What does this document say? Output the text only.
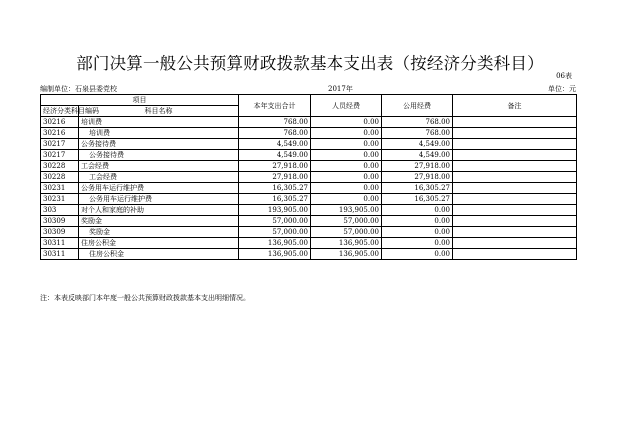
部门决算一般公共预算财政拨款基本支出表（按经济分类科目）
06表
编制单位：石泉县委党校	2017年	单位：元
项目		本年支出合计	人员经费	公用经费	备注
经济分类科目编码	科目名称				

30216	培训费	768.00	0.00	768.00	
30216	培训费	768.00	0.00	768.00	
30217	公务接待费	4,549.00	0.00	4,549.00	
30217	公务接待费	4,549.00	0.00	4,549.00	
30228	工会经费	27,918.00	0.00	27,918.00	
30228	工会经费	27,918.00	0.00	27,918.00	
30231	公务用车运行维护费	16,305.27	0.00	16,305.27	
30231	公务用车运行维护费	16,305.27	0.00	16,305.27	
303	对个人和家庭的补助	193,905.00	193,905.00	0.00	
30309	奖励金	57,000.00	57,000.00	0.00	
30309	奖励金	57,000.00	57,000.00	0.00	
30311	住房公积金	136,905.00	136,905.00	0.00	
30311	住房公积金	136,905.00	136,905.00	0.00	
注：本表反映部门本年度一般公共预算财政拨款基本支出明细情况。
